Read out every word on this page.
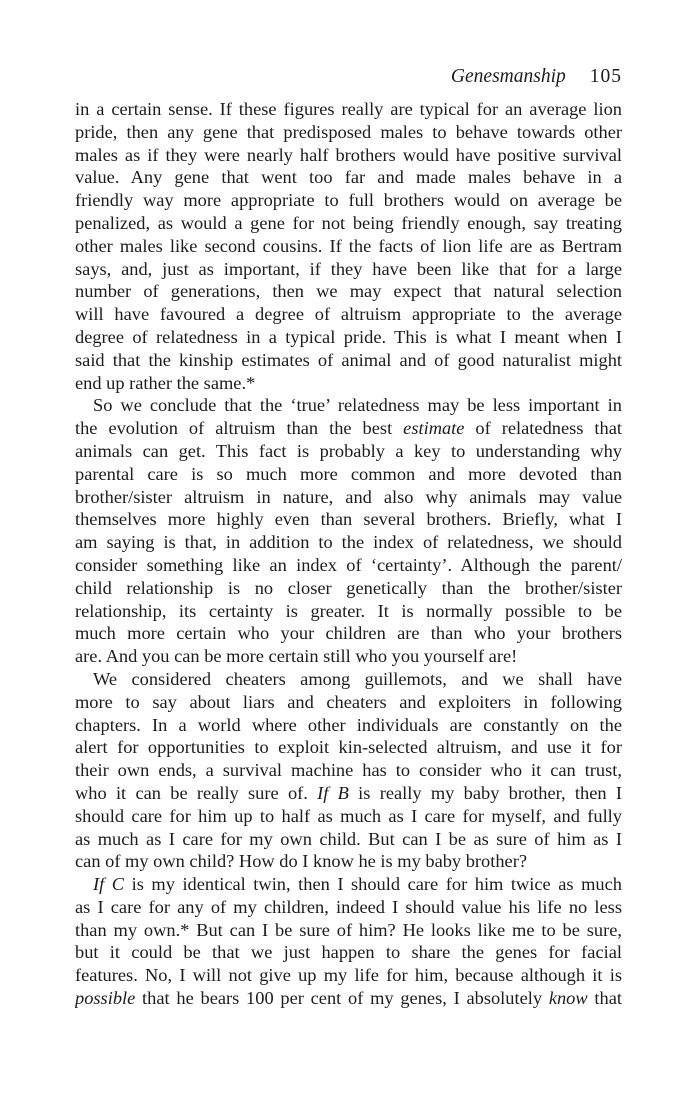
Genesmanship 105
in a certain sense. If these figures really are typical for an average lion
pride, then any gene that predisposed males to behave towards other
males as if they were nearly half brothers would have positive survival
value. Any gene that went too far and made males behave in a
friendly way more appropriate to full brothers would on average be
penalized, as would a gene for not being friendly enough, say treating
other males like second cousins. If the facts of lion life are as Bertram
says, and, just as important, if they have been like that for a large
number of generations, then we may expect that natural selection
will have favoured a degree of altruism appropriate to the average
degree of relatedness in a typical pride. This is what I meant when I
said that the kinship estimates of animal and of good naturalist might
end up rather the same.*
So we conclude that the ‘true’ relatedness may be less important in
the evolution of altruism than the best estimate of relatedness that
animals can get. This fact is probably a key to understanding why
parental care is so much more common and more devoted than
brother/sister altruism in nature, and also why animals may value
themselves more highly even than several brothers. Briefly, what I
am saying is that, in addition to the index of relatedness, we should
consider something like an index of ‘certainty’. Although the parent/
child relationship is no closer genetically than the brother/sister
relationship, its certainty is greater. It is normally possible to be
much more certain who your children are than who your brothers
are. And you can be more certain still who you yourself are!
We considered cheaters among guillemots, and we shall have
more to say about liars and cheaters and exploiters in following
chapters. In a world where other individuals are constantly on the
alert for opportunities to exploit kin-selected altruism, and use it for
their own ends, a survival machine has to consider who it can trust,
who it can be really sure of. If B is really my baby brother, then I
should care for him up to half as much as I care for myself, and fully
as much as I care for my own child. But can I be as sure of him as I
can of my own child? How do I know he is my baby brother?
If C is my identical twin, then I should care for him twice as much
as I care for any of my children, indeed I should value his life no less
than my own.* But can I be sure of him? He looks like me to be sure,
but it could be that we just happen to share the genes for facial
features. No, I will not give up my life for him, because although it is
possible that he bears 100 per cent of my genes, I absolutely know that
